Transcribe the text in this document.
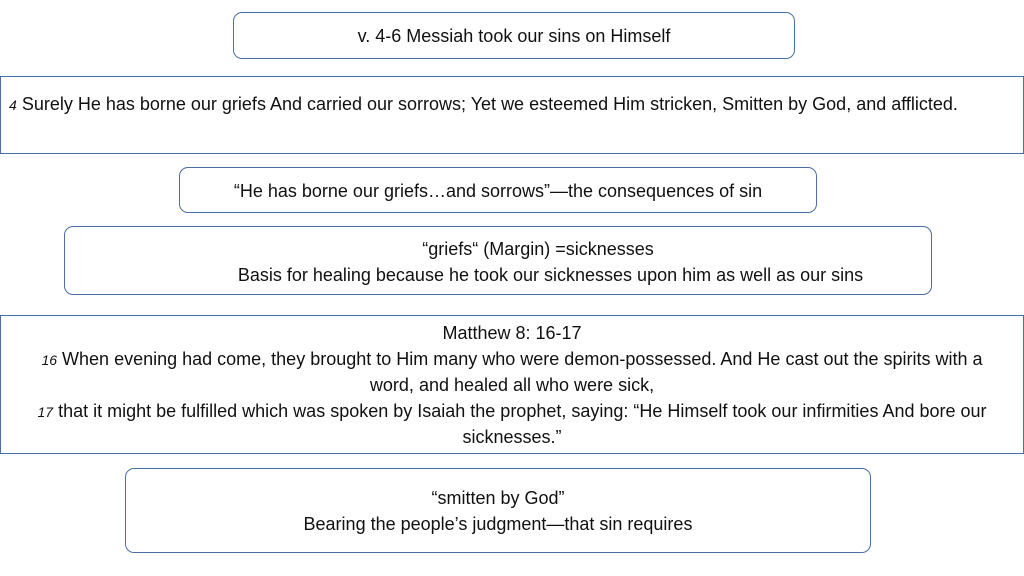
v. 4-6 Messiah took our sins on Himself
4 Surely He has borne our griefs And carried our sorrows; Yet we esteemed Him stricken, Smitten by God, and afflicted.
“He has borne our griefs…and sorrows”—the consequences of sin
“griefs“ (Margin) =sicknesses
Basis for healing because he took our sicknesses upon him as well as our sins
Matthew 8: 16-17
16 When evening had come, they brought to Him many who were demon-possessed. And He cast out the spirits with a word, and healed all who were sick,
17 that it might be fulfilled which was spoken by Isaiah the prophet, saying: “He Himself took our infirmities And bore our sicknesses.”
“smitten by God”
Bearing the people’s judgment—that sin requires
